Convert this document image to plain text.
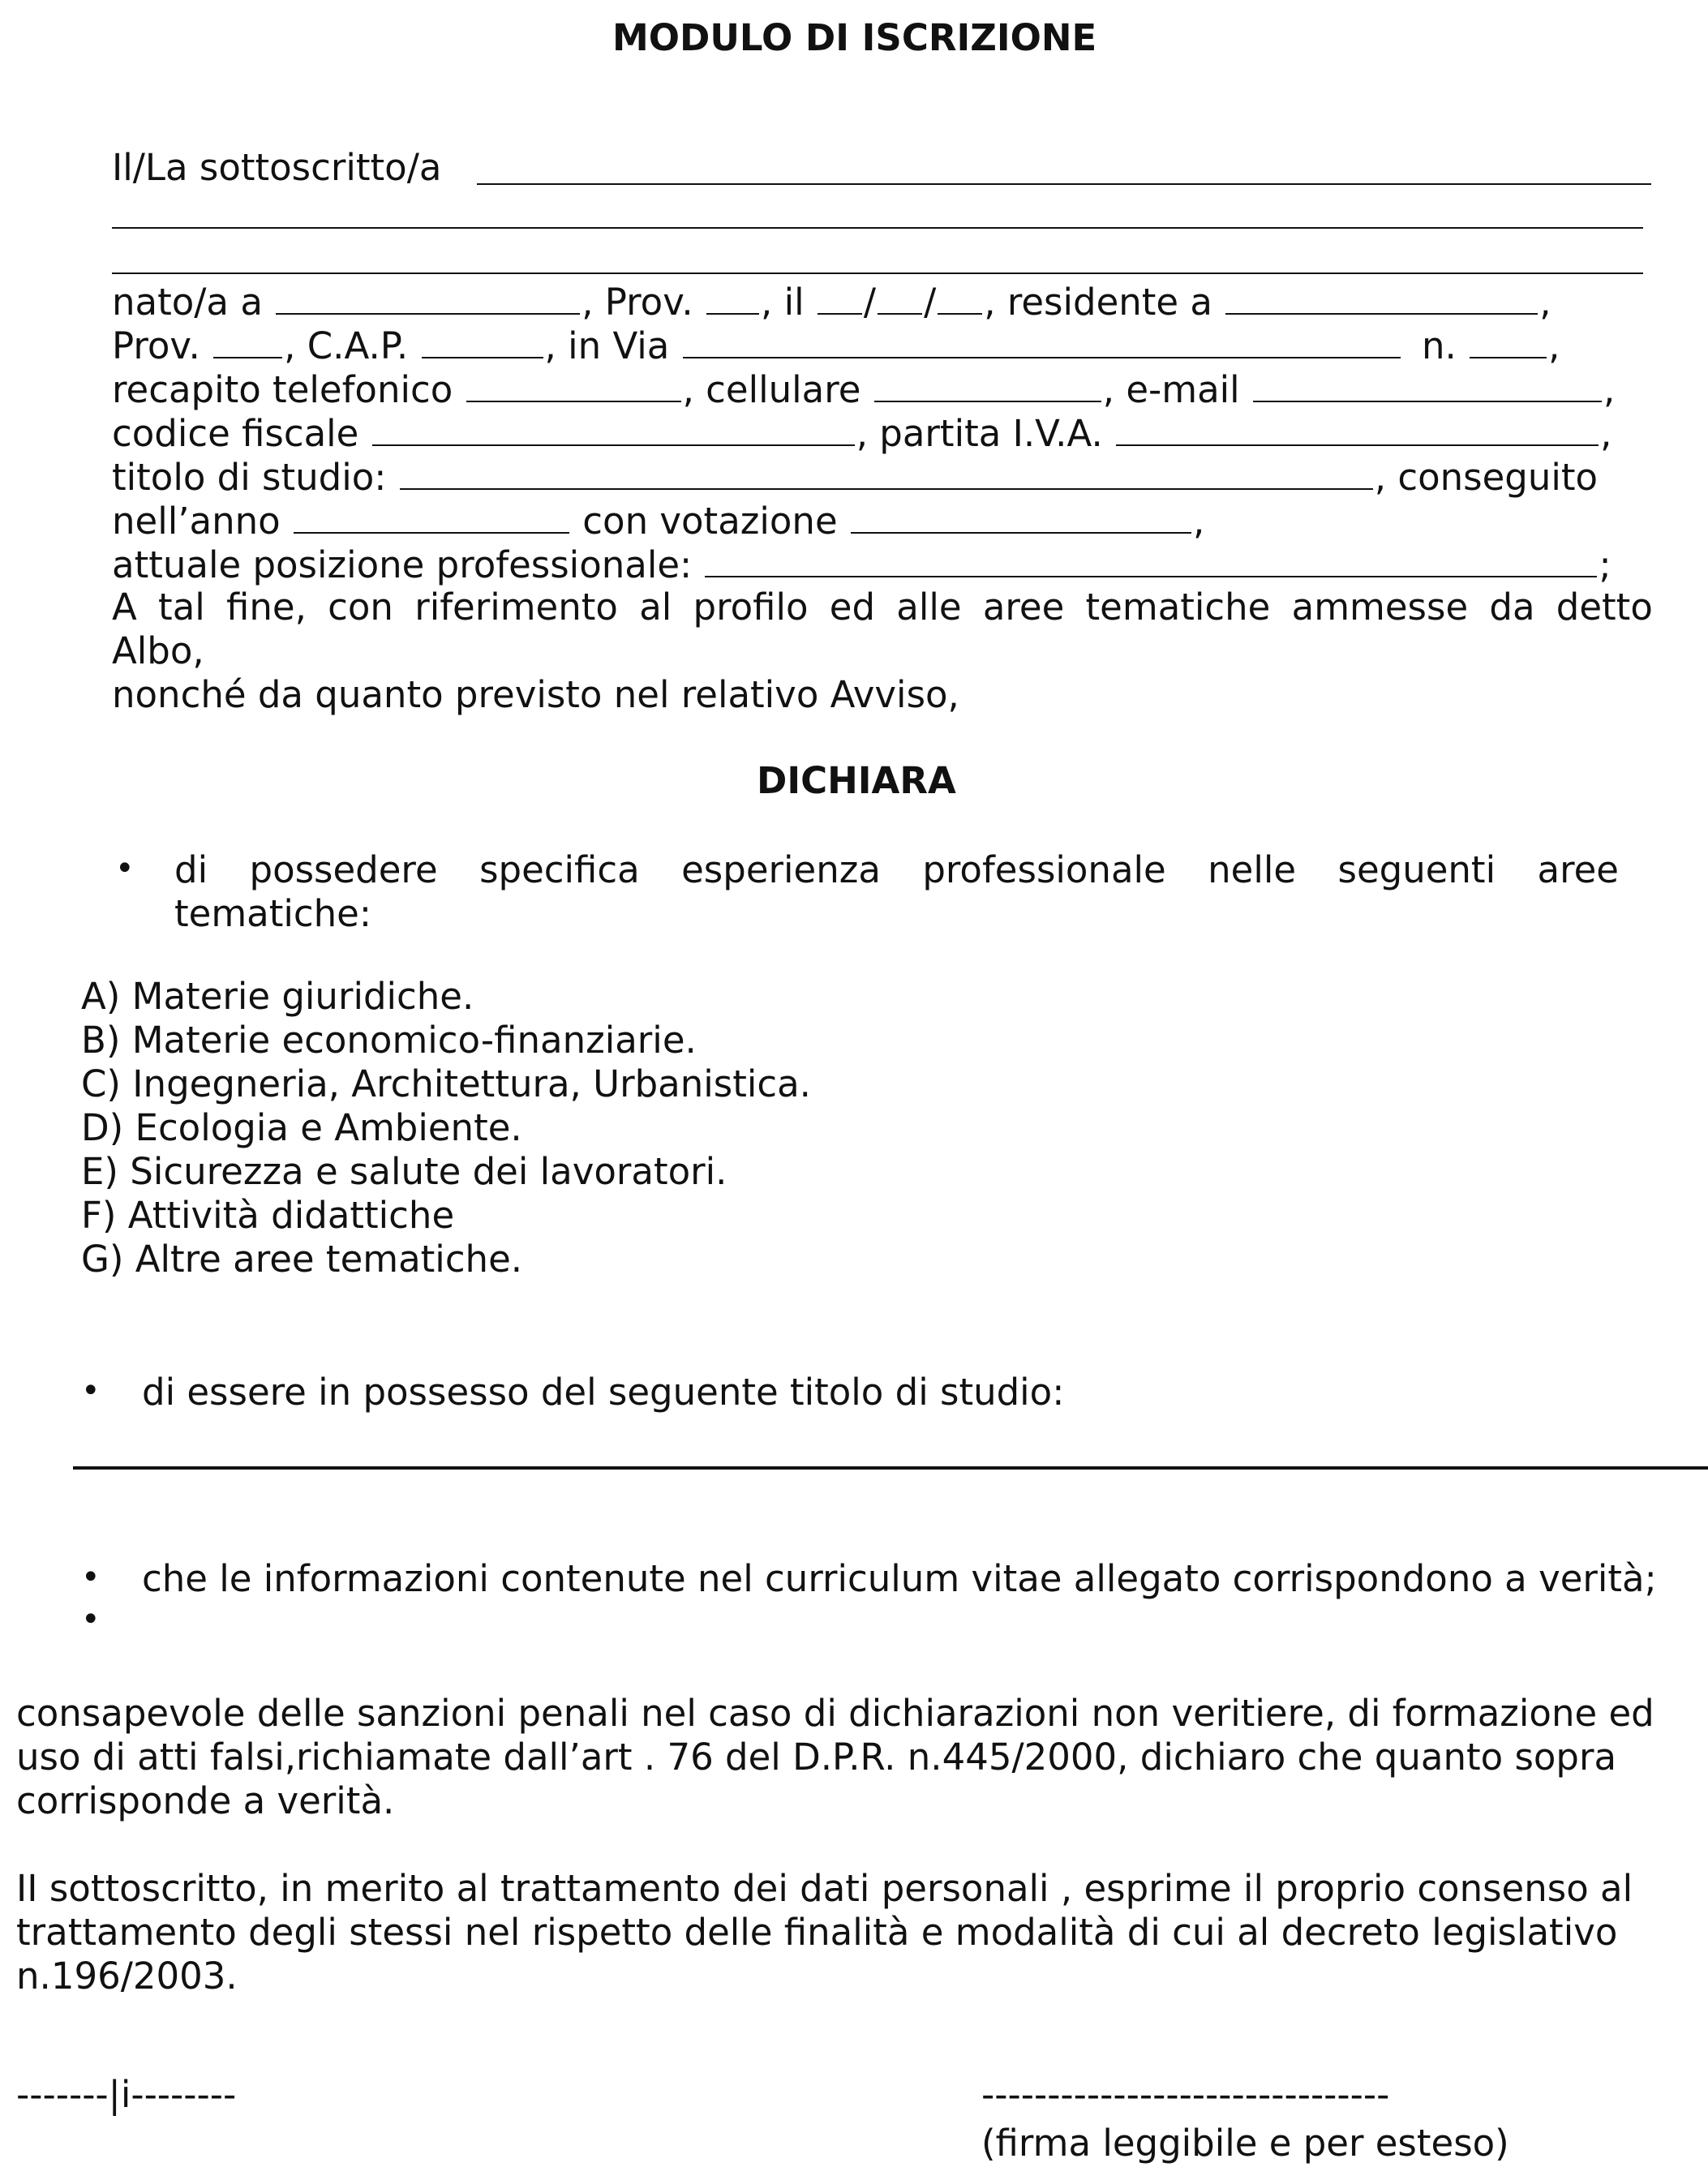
MODULO DI ISCRIZIONE
Il/La sottoscritto/a
nato/a a	, Prov. , il / / , residente a	,
Prov. , C.A.P.	, in Via	n.	,
recapito telefonico	, cellulare	, e-mail	,
codice fiscale	, partita I.V.A.	,
titolo di studio:	, conseguito
nell’anno	con votazione	,
attuale posizione professionale:	;
A tal fine, con riferimento al profilo ed alle aree tematiche ammesse da detto
Albo,
nonché da quanto previsto nel relativo Avviso,
DICHIARA
• di possedere specifica esperienza professionale nelle seguenti aree
tematiche:
A) Materie giuridiche.
B) Materie economico-finanziarie.
C) Ingegneria, Architettura, Urbanistica.
D) Ecologia e Ambiente.
E) Sicurezza e salute dei lavoratori.
F) Attività didattiche
G) Altre aree tematiche.
• di essere in possesso del seguente titolo di studio:
• che le informazioni contenute nel curriculum vitae allegato corrispondono a verità;
•
consapevole delle sanzioni penali nel caso di dichiarazioni non veritiere, di formazione ed uso di atti falsi,richiamate dall’art . 76 del D.P.R. n.445/2000, dichiaro che quanto sopra corrisponde a verità.
II sottoscritto, in merito al trattamento dei dati personali , esprime il proprio consenso al trattamento degli stessi nel rispetto delle finalità e modalità di cui al decreto legislativo n.196/2003.
-------|i--------	-------------------------------
(firma leggibile e per esteso)
